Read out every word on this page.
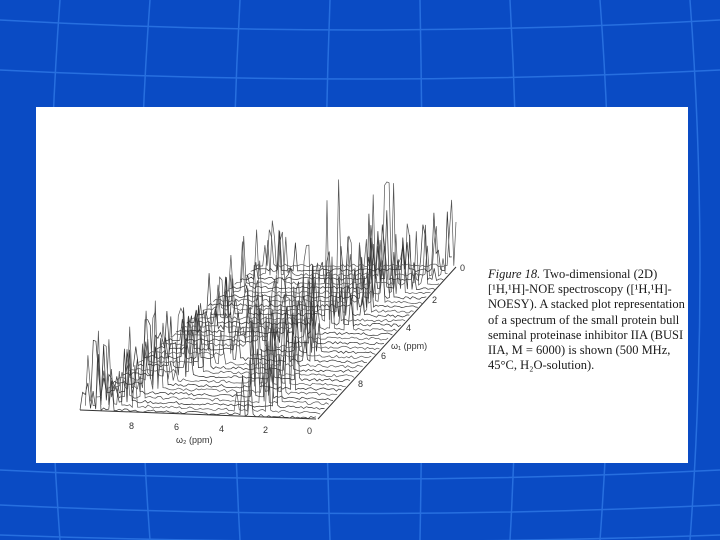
8	6	4	2	0
ω₂ (ppm)
0
2
4
6
8
ω₁ (ppm)
Figure 18. Two-dimensional (2D) [¹H,¹H]-NOE spectroscopy ([¹H,¹H]-NOESY). A stacked plot representation of a spectrum of the small protein bull seminal proteinase inhibitor IIA (BUSI IIA, M = 6000) is shown (500 MHz, 45°C, H₂O-solution).
